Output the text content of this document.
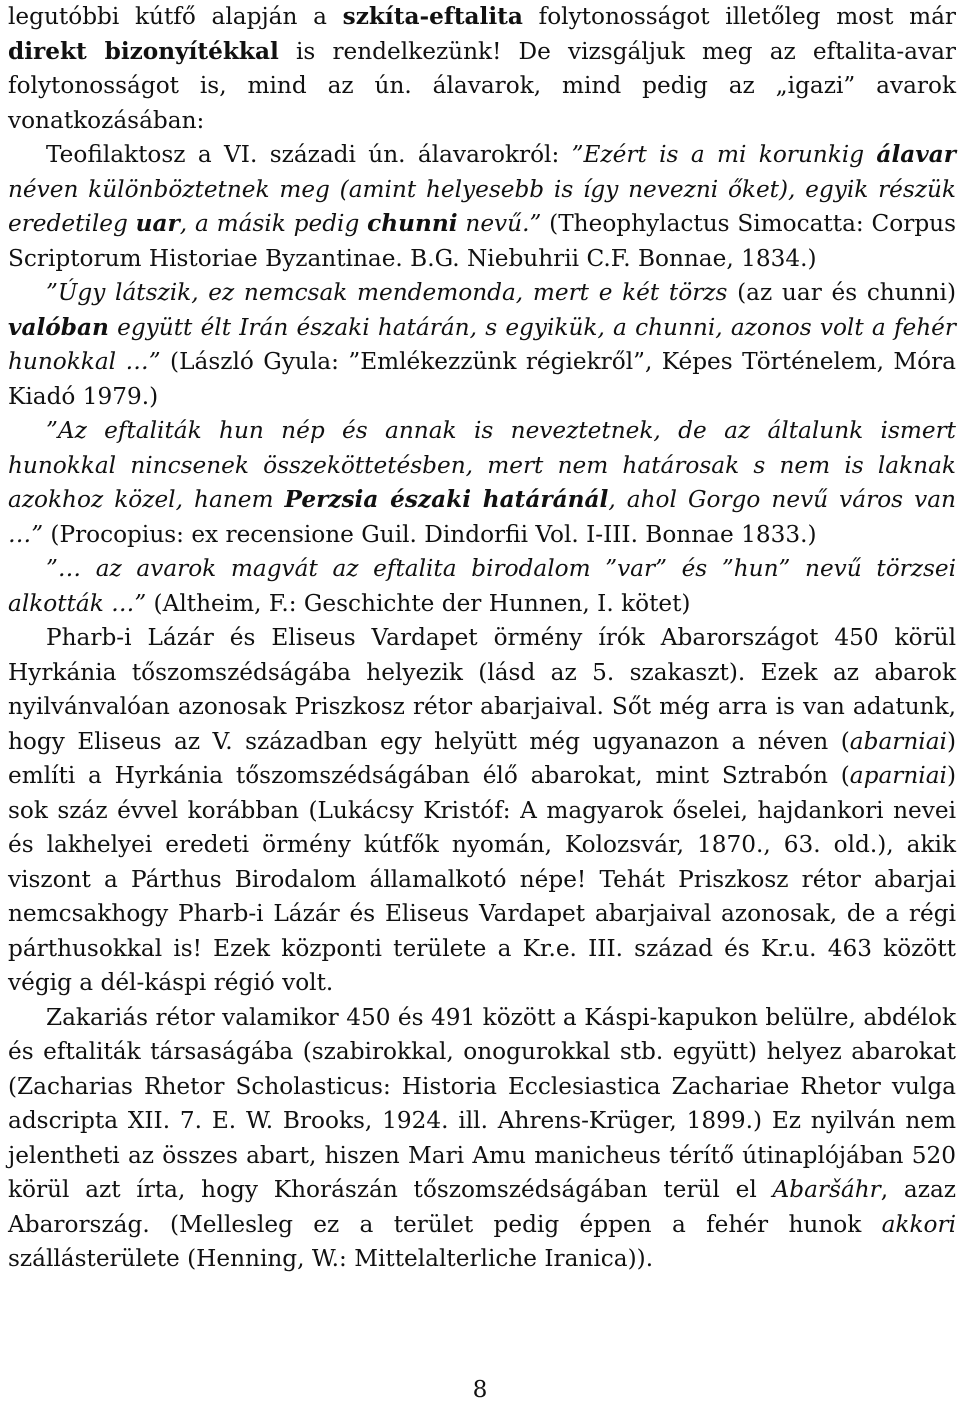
legutóbbi kútfő alapján a szkíta-eftalita folytonosságot illetőleg most már direkt bizonyítékkal is rendelkezünk! De vizsgáljuk meg az eftalita-avar folytonosságot is, mind az ún. álavarok, mind pedig az „igazi” avarok vonatkozásában:

Teofilaktosz a VI. századi ún. álavarokról: ”Ezért is a mi korunkig álavar néven különböztetnek meg (amint helyesebb is így nevezni őket), egyik részük eredetileg uar, a másik pedig chunni nevű.” (Theophylactus Simocatta: Corpus Scriptorum Historiae Byzantinae. B.G. Niebuhrii C.F. Bonnae, 1834.)

”Úgy látszik, ez nemcsak mendemonda, mert e két törzs (az uar és chunni) valóban együtt élt Irán északi határán, s egyikük, a chunni, azonos volt a fehér hunokkal …” (László Gyula: ”Emlékezzünk régiekről”, Képes Történelem, Móra Kiadó 1979.)

”Az eftaliták hun nép és annak is neveztetnek, de az általunk ismert hunokkal nincsenek összeköttetésben, mert nem határosak s nem is laknak azokhoz közel, hanem Perzsia északi határánál, ahol Gorgo nevű város van …” (Procopius: ex recensione Guil. Dindorfii Vol. I-III. Bonnae 1833.)

”… az avarok magvát az eftalita birodalom ”var” és ”hun” nevű törzsei alkották …” (Altheim, F.: Geschichte der Hunnen, I. kötet)

Pharb-i Lázár és Eliseus Vardapet örmény írók Abarországot 450 körül Hyrkánia tőszomszédságába helyezik (lásd az 5. szakaszt). Ezek az abarok nyilvánvalóan azonosak Priszkosz rétor abarjaival. Sőt még arra is van adatunk, hogy Eliseus az V. században egy helyütt még ugyanazon a néven (abarniai) említi a Hyrkánia tőszomszédságában élő abarokat, mint Sztrabón (aparniai) sok száz évvel korábban (Lukácsy Kristóf: A magyarok őselei, hajdankori nevei és lakhelyei eredeti örmény kútfők nyomán, Kolozsvár, 1870., 63. old.), akik viszont a Párthus Birodalom államalkotó népe! Tehát Priszkosz rétor abarjai nemcsakhogy Pharb-i Lázár és Eliseus Vardapet abarjaival azonosak, de a régi párthusokkal is! Ezek központi területe a Kr.e. III. század és Kr.u. 463 között végig a dél-káspi régió volt.

Zakariás rétor valamikor 450 és 491 között a Káspi-kapukon belülre, abdélok és eftaliták társaságába (szabirokkal, onogurokkal stb. együtt) helyez abarokat (Zacharias Rhetor Scholasticus: Historia Ecclesiastica Zachariae Rhetor vulga adscripta XII. 7. E. W. Brooks, 1924. ill. Ahrens-Krüger, 1899.) Ez nyilván nem jelentheti az összes abart, hiszen Mari Amu manicheus térítő útinaplójában 520 körül azt írta, hogy Khorászán tőszomszédságában terül el Abaršáhr, azaz Abarország. (Mellesleg ez a terület pedig éppen a fehér hunok akkori szállásterülete (Henning, W.: Mittelalterliche Iranica)).

8
